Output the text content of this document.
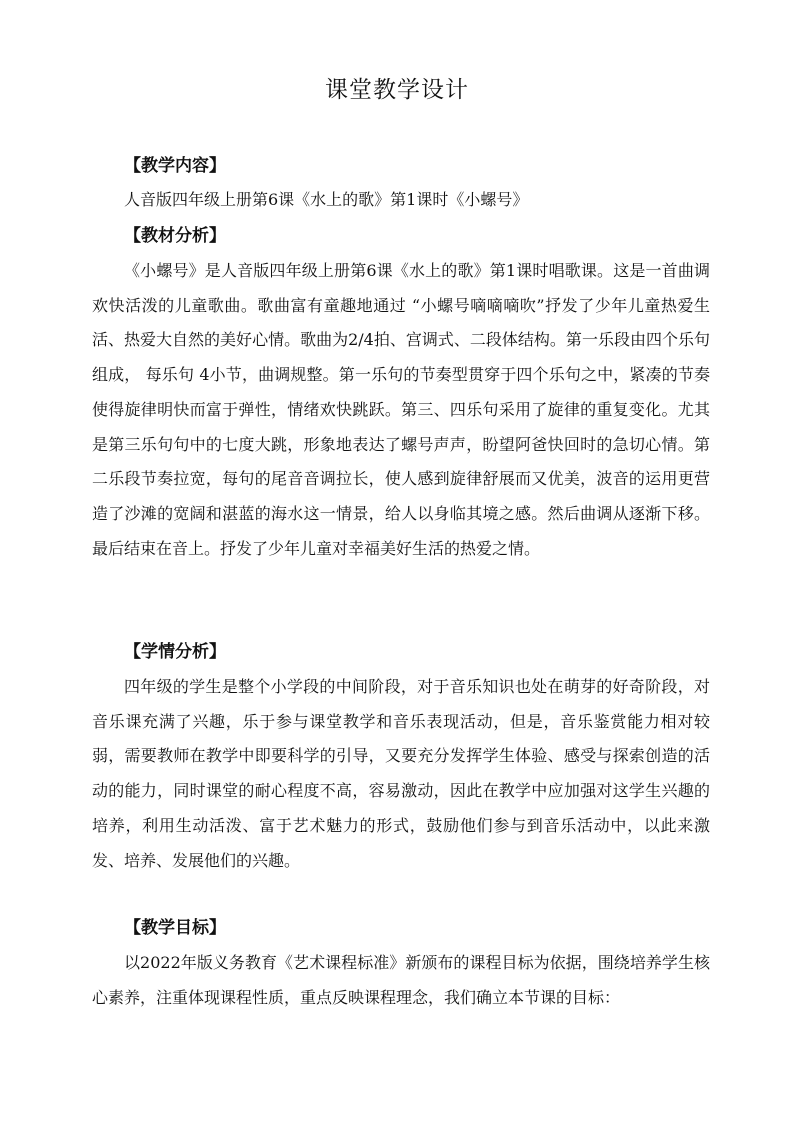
课堂教学设计
【教学内容】
人音版四年级上册第6课《水上的歌》第1课时《小螺号》
【教材分析】
《小螺号》是人音版四年级上册第6课《水上的歌》第1课时唱歌课。这是一首曲调欢快活泼的儿童歌曲。歌曲富有童趣地通过 “小螺号嘀嘀嘀吹”抒发了少年儿童热爱生活、热爱大自然的美好心情。歌曲为2/4拍、宫调式、二段体结构。第一乐段由四个乐句组成， 每乐句 4小节，曲调规整。第一乐句的节奏型贯穿于四个乐句之中，紧凑的节奏使得旋律明快而富于弹性，情绪欢快跳跃。第三、四乐句采用了旋律的重复变化。尤其是第三乐句句中的七度大跳，形象地表达了螺号声声，盼望阿爸快回时的急切心情。第二乐段节奏拉宽，每句的尾音音调拉长，使人感到旋律舒展而又优美，波音的运用更营造了沙滩的宽阔和湛蓝的海水这一情景，给人以身临其境之感。然后曲调从逐渐下移。最后结束在音上。抒发了少年儿童对幸福美好生活的热爱之情。
【学情分析】
四年级的学生是整个小学段的中间阶段，对于音乐知识也处在萌芽的好奇阶段，对音乐课充满了兴趣，乐于参与课堂教学和音乐表现活动，但是，音乐鉴赏能力相对较弱，需要教师在教学中即要科学的引导，又要充分发挥学生体验、感受与探索创造的活动的能力，同时课堂的耐心程度不高，容易激动，因此在教学中应加强对这学生兴趣的培养，利用生动活泼、富于艺术魅力的形式，鼓励他们参与到音乐活动中，以此来激发、培养、发展他们的兴趣。
【教学目标】
以2022年版义务教育《艺术课程标准》新颁布的课程目标为依据，围绕培养学生核心素养，注重体现课程性质，重点反映课程理念，我们确立本节课的目标：
